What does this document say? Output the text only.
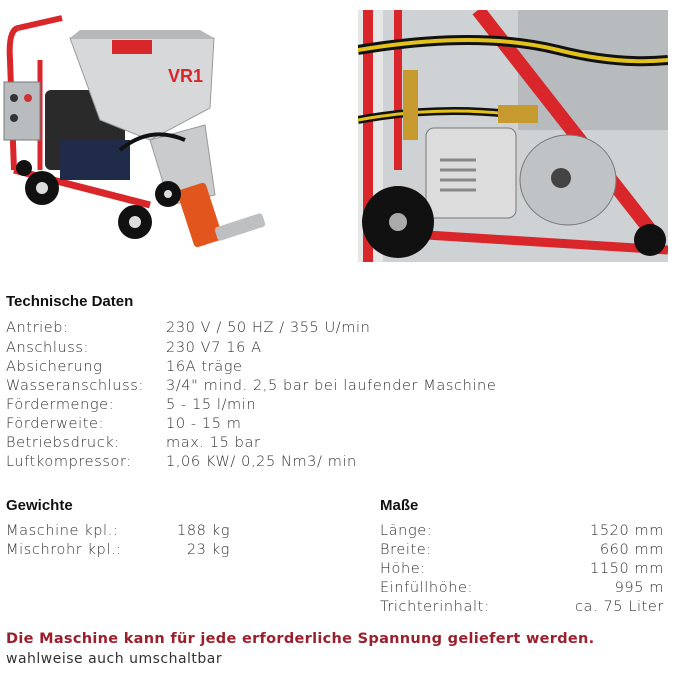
VR1
Technische Daten
Antrieb:	230 V / 50 HZ / 355 U/min
Anschluss:	230 V7 16 A
Absicherung	16A träge
Wasseranschluss: 3/4" mind. 2,5 bar bei laufender Maschine
Fördermenge:	5 - 15 l/min
Förderweite:	10 - 15 m
Betriebsdruck:	max. 15 bar
Luftkompressor: 1,06 KW/ 0,25 Nm3/ min
Gewichte
Maschine kpl.:	188 kg
Mischrohr kpl.:	23 kg
Maße
Länge:	1520 mm
Breite:	660 mm
Höhe:	1150 mm
Einfüllhöhe:	995 m
Trichterinhalt:	ca. 75 Liter
Die Maschine kann für jede erforderliche Spannung geliefert werden.
wahlweise auch umschaltbar
